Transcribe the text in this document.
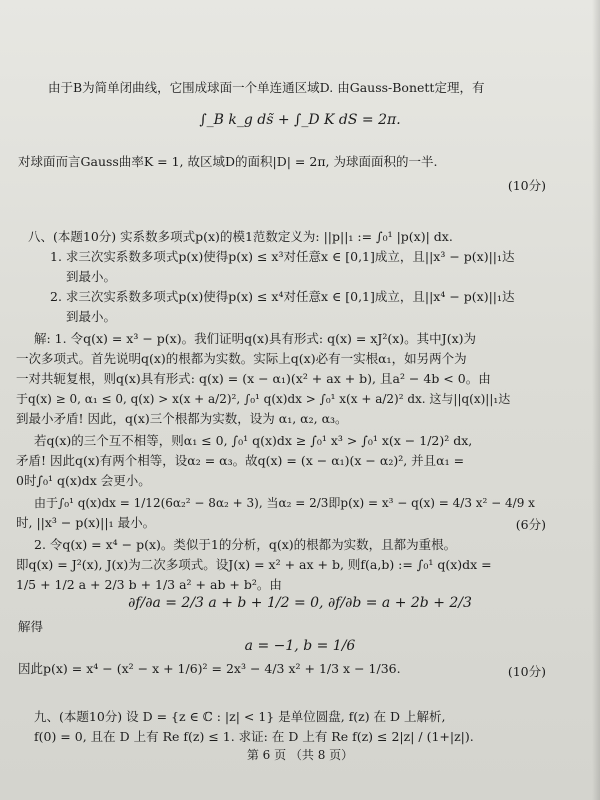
由于B为简单闭曲线，它围成球面一个单连通区域D. 由Gauss-Bonett定理，有
∫_B k_g ds̃ + ∫_D K dS = 2π.
对球面而言Gauss曲率K = 1, 故区域D的面积|D| = 2π, 为球面面积的一半.
(10分)
八、(本题10分) 实系数多项式p(x)的模1范数定义为: ||p||₁ := ∫₀¹ |p(x)| dx.
1. 求三次实系数多项式p(x)使得p(x) ≤ x³对任意x ∈ [0,1]成立，且||x³ − p(x)||₁达
到最小。
2. 求三次实系数多项式p(x)使得p(x) ≤ x⁴对任意x ∈ [0,1]成立，且||x⁴ − p(x)||₁达
到最小。
解: 1. 令q(x) = x³ − p(x)。我们证明q(x)具有形式: q(x) = xJ²(x)。其中J(x)为
一次多项式。首先说明q(x)的根都为实数。实际上q(x)必有一实根α₁，如另两个为
一对共轭复根，则q(x)具有形式: q(x) = (x − α₁)(x² + ax + b), 且a² − 4b < 0。由
于q(x) ≥ 0, α₁ ≤ 0, q(x) > x(x + a/2)², ∫₀¹ q(x)dx > ∫₀¹ x(x + a/2)² dx. 这与||q(x)||₁达
到最小矛盾! 因此，q(x)三个根都为实数，设为 α₁, α₂, α₃。
若q(x)的三个互不相等，则α₁ ≤ 0, ∫₀¹ q(x)dx ≥ ∫₀¹ x³ > ∫₀¹ x(x − 1/2)² dx,
矛盾! 因此q(x)有两个相等，设α₂ = α₃。故q(x) = (x − α₁)(x − α₂)², 并且α₁ =
0时∫₀¹ q(x)dx 会更小。
由于∫₀¹ q(x)dx = 1/12(6α₂² − 8α₂ + 3), 当α₂ = 2/3即p(x) = x³ − q(x) = 4/3 x² − 4/9 x
时, ||x³ − p(x)||₁ 最小。	(6分)
2. 令q(x) = x⁴ − p(x)。类似于1的分析，q(x)的根都为实数，且都为重根。
即q(x) = J²(x), J(x)为二次多项式。设J(x) = x² + ax + b, 则f(a,b) := ∫₀¹ q(x)dx =
1/5 + 1/2 a + 2/3 b + 1/3 a² + ab + b²。由
∂f/∂a = 2/3 a + b + 1/2 = 0, ∂f/∂b = a + 2b + 2/3
解得
a = −1, b = 1/6
因此p(x) = x⁴ − (x² − x + 1/6)² = 2x³ − 4/3 x² + 1/3 x − 1/36.	(10分)
九、(本题10分) 设 D = {z ∈ ℂ : |z| < 1} 是单位圆盘, f(z) 在 D 上解析,
f(0) = 0, 且在 D 上有 Re f(z) ≤ 1. 求证: 在 D 上有 Re f(z) ≤ 2|z| / (1+|z|).
第 6 页 （共 8 页）
